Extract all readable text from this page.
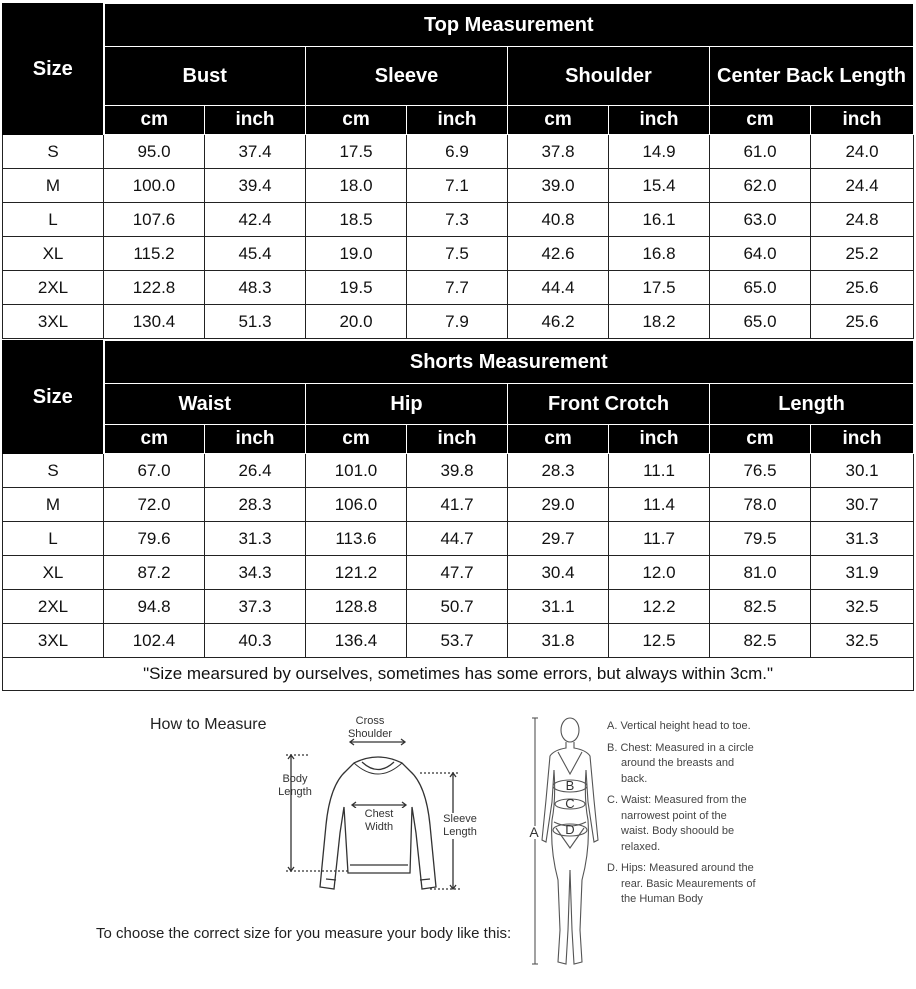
Size	Top Measurement							
	Bust		Sleeve		Shoulder		Center Back Length	
	cm	inch	cm	inch	cm	inch	cm	inch
S	95.0	37.4	17.5	6.9	37.8	14.9	61.0	24.0
M	100.0	39.4	18.0	7.1	39.0	15.4	62.0	24.4
L	107.6	42.4	18.5	7.3	40.8	16.1	63.0	24.8
XL	115.2	45.4	19.0	7.5	42.6	16.8	64.0	25.2
2XL	122.8	48.3	19.5	7.7	44.4	17.5	65.0	25.6
3XL	130.4	51.3	20.0	7.9	46.2	18.2	65.0	25.6
Size	Shorts Measurement							
	Waist		Hip		Front Crotch		Length	
	cm	inch	cm	inch	cm	inch	cm	inch
S	67.0	26.4	101.0	39.8	28.3	11.1	76.5	30.1
M	72.0	28.3	106.0	41.7	29.0	11.4	78.0	30.7
L	79.6	31.3	113.6	44.7	29.7	11.7	79.5	31.3
XL	87.2	34.3	121.2	47.7	30.4	12.0	81.0	31.9
2XL	94.8	37.3	128.8	50.7	31.1	12.2	82.5	32.5
3XL	102.4	40.3	136.4	53.7	31.8	12.5	82.5	32.5
"Size mearsured by ourselves, sometimes has some errors, but always within 3cm."								
How to Measure
To choose the correct size for you measure your body like this:
Cross
Shoulder
Body
Length
Chest
Width
Sleeve
Length	A
B
C
D

A. Vertical height head to toe.

B. Chest: Measured in a circle around the breasts and back.

C. Waist: Measured from the narrowest point of the waist. Body shoould be relaxed.

D. Hips: Measured around the rear. Basic Meaurements of the Human Body
